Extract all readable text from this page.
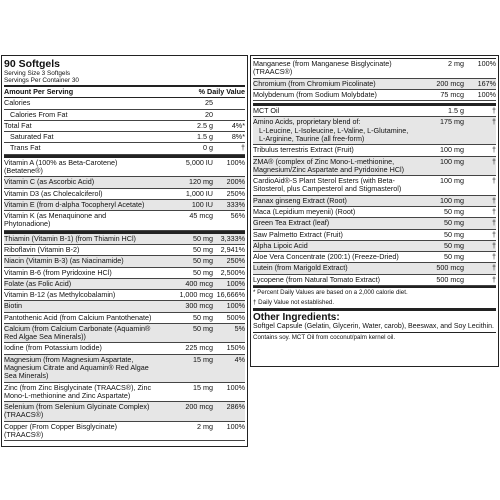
90 Softgels
Serving Size 3 Softgels
Servings Per Container 30
Amount Per Serving	% Daily Value
Calories	25
Calories From Fat	20
Total Fat	2.5 g	4%*
Saturated Fat	1.5 g	8%*
Trans Fat	0 g	†
Vitamin A (100% as Beta-Carotene) (Betatene®)
5,000 IU	100%
Vitamin C (as Ascorbic Acid)	120 mg	200%
Vitamin D3 (as Cholecalciferol)	1,000 IU	250%
Vitamin E (from d-alpha Tocopheryl Acetate)	100 IU	333%
Vitamin K (as Menaquinone and Phytonadione)
45 mcg	56%
Thiamin (Vitamin B-1) (from Thiamin HCl)	50 mg	3,333%
Riboflavin (Vitamin B-2)	50 mg	2,941%
Niacin (Vitamin B-3) (as Niacinamide)	50 mg	250%
Vitamin B-6 (from Pyridoxine HCl)	50 mg	2,500%
Folate (as Folic Acid)	400 mcg	100%
Vitamin B-12 (as Methylcobalamin)	1,000 mcg 16,666%
Biotin	300 mcg	100%
Pantothenic Acid (from Calcium Pantothenate)	50 mg	500%
Calcium (from Calcium Carbonate (Aquamin® Red Algae Sea Minerals))
50 mg	5%
Iodine (from Potassium Iodide)	225 mcg	150%
Magnesium (from Magnesium Aspartate, Magnesium Citrate and Aquamin® Red Algae Sea Minerals)
15 mg	4%
Zinc (from Zinc Bisglycinate (TRAACS®), Zinc Mono-L-methionine and Zinc Aspartate)
15 mg	100%
Selenium (from Selenium Glycinate Complex) (TRAACS®)
200 mcg	286%
Copper (From Copper Bisglycinate) (TRAACS®)
2 mg	100%
Manganese (from Manganese Bisglycinate) (TRAACS®)
2 mg	100%
Chromium (from Chromium Picolinate)	200 mcg	167%
Molybdenum (from Sodium Molybdate)	75 mcg	100%
MCT Oil	1.5 g	†
Amino Acids, proprietary blend of:
L-Leucine, L-Isoleucine, L-Valine, L-Glutamine, L-Arginine, Taurine (all free-form)
175 mg	†
Tribulus terrestris Extract (Fruit)	100 mg	†
ZMA® (complex of Zinc Mono-L-methionine, Magnesium/Zinc Aspartate and Pyridoxine HCl)
100 mg	†
CardioAid®-S Plant Sterol Esters (with Beta-Sitosterol, plus Campesterol and Stigmasterol)
100 mg	†
Panax ginseng Extract (Root)	100 mg	†
Maca (Lepidium meyenii) (Root)	50 mg	†
Green Tea Extract (leaf)	50 mg	†
Saw Palmetto Extract (Fruit)	50 mg	†
Alpha Lipoic Acid	50 mg	†
Aloe Vera Concentrate (200:1) (Freeze-Dried)	50 mg	†
Lutein (from Marigold Extract)	500 mcg	†
Lycopene (from Natural Tomato Extract)	500 mcg	†
* Percent Daily Values are based on a 2,000 calorie diet.
† Daily Value not established.
Other Ingredients:
Softgel Capsule (Gelatin, Glycerin, Water, carob), Beeswax, and Soy Lecithin.
Contains soy. MCT Oil from coconut/palm kernel oil.
